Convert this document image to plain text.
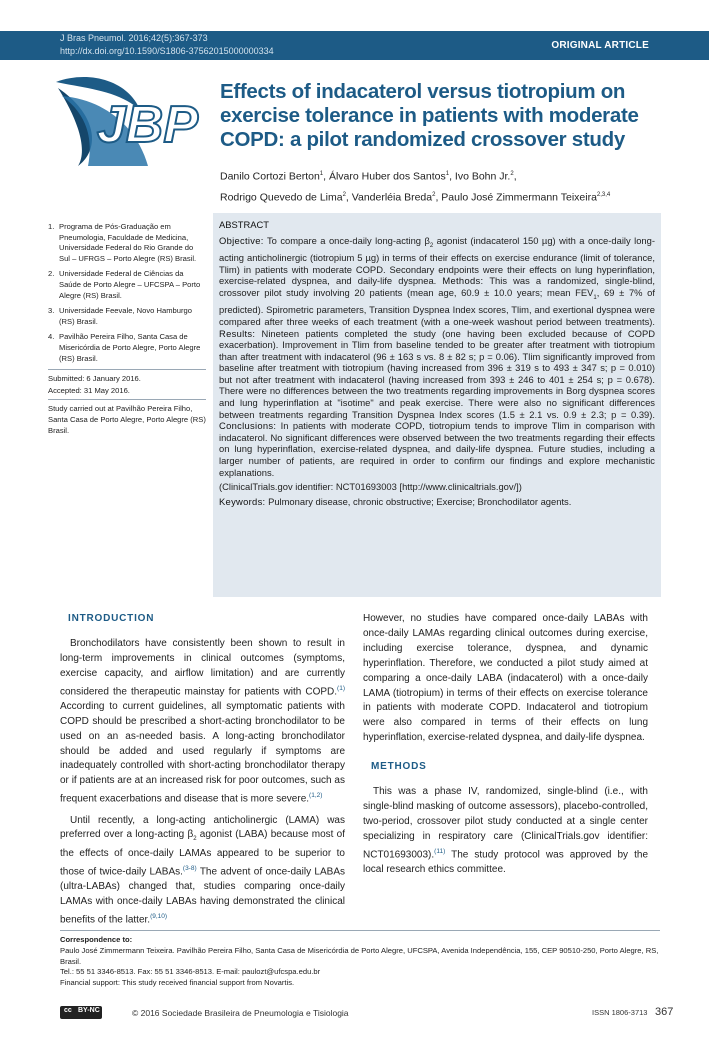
J Bras Pneumol. 2016;42(5):367-373
http://dx.doi.org/10.1590/S1806-37562015000000334	ORIGINAL ARTICLE
JBP
Effects of indacaterol versus tiotropium on exercise tolerance in patients with moderate COPD: a pilot randomized crossover study
Danilo Cortozi Berton$^1$, Álvaro Huber dos Santos$^1$, Ivo Bohn Jr.$^2$,
Rodrigo Quevedo de Lima$^2$, Vanderléia Breda$^2$, Paulo José Zimmermann Teixeira$^{2,3,4}$
1. Programa de Pós-Graduação em Pneumologia, Faculdade de Medicina, Universidade Federal do Rio Grande do Sul – UFRGS – Porto Alegre (RS) Brasil.
2. Universidade Federal de Ciências da Saúde de Porto Alegre – UFCSPA – Porto Alegre (RS) Brasil.
3. Universidade Feevale, Novo Hamburgo (RS) Brasil.
4. Pavilhão Pereira Filho, Santa Casa de Misericórdia de Porto Alegre, Porto Alegre (RS) Brasil.
Submitted: 6 January 2016.
Accepted: 31 May 2016.
Study carried out at Pavilhão Pereira Filho, Santa Casa de Porto Alegre, Porto Alegre (RS) Brasil.
ABSTRACT

Objective: To compare a once-daily long-acting $\beta_2$ agonist (indacaterol 150 µg) with a once-daily long-acting anticholinergic (tiotropium 5 µg) in terms of their effects on exercise endurance (limit of tolerance, Tlim) in patients with moderate COPD. Secondary endpoints were their effects on lung hyperinflation, exercise-related dyspnea, and daily-life dyspnea. Methods: This was a randomized, single-blind, crossover pilot study involving 20 patients (mean age, 60.9 ± 10.0 years; mean $FEV_1$, 69 ± 7% of predicted). Spirometric parameters, Transition Dyspnea Index scores, Tlim, and exertional dyspnea were compared after three weeks of each treatment (with a one-week washout period between treatments). Results: Nineteen patients completed the study (one having been excluded because of COPD exacerbation). Improvement in Tlim from baseline tended to be greater after treatment with tiotropium than after treatment with indacaterol (96 ± 163 s vs. 8 ± 82 s; p = 0.06). Tlim significantly improved from baseline after treatment with tiotropium (having increased from 396 ± 319 s to 493 ± 347 s; p = 0.010) but not after treatment with indacaterol (having increased from 393 ± 246 to 401 ± 254 s; p = 0.678). There were no differences between the two treatments regarding improvements in Borg dyspnea scores and lung hyperinflation at "isotime" and peak exercise. There were also no significant differences between treatments regarding Transition Dyspnea Index scores (1.5 ± 2.1 vs. 0.9 ± 2.3; p = 0.39). Conclusions: In patients with moderate COPD, tiotropium tends to improve Tlim in comparison with indacaterol. No significant differences were observed between the two treatments regarding their effects on lung hyperinflation, exercise-related dyspnea, and daily-life dyspnea. Future studies, including a larger number of patients, are required in order to confirm our findings and explore mechanistic explanations.

(ClinicalTrials.gov identifier: NCT01693003 [http://www.clinicaltrials.gov/])

Keywords: Pulmonary disease, chronic obstructive; Exercise; Bronchodilator agents.

INTRODUCTION

Bronchodilators have consistently been shown to result in long-term improvements in clinical outcomes (symptoms, exercise capacity, and airflow limitation) and are currently considered the therapeutic mainstay for patients with COPD.$^{(1)}$ According to current guidelines, all symptomatic patients with COPD should be prescribed a short-acting bronchodilator to be used on an as-needed basis. A long-acting bronchodilator should be added and used regularly if symptoms are inadequately controlled with short-acting bronchodilator therapy or if patients are at an increased risk for poor outcomes, such as frequent exacerbations and disease that is more severe.$^{(1,2)}$

Until recently, a long-acting anticholinergic (LAMA) was preferred over a long-acting $\beta_2$ agonist (LABA) because most of the effects of once-daily LAMAs appeared to be superior to those of twice-daily LABAs.$^{(3-8)}$ The advent of once-daily LABAs (ultra-LABAs) changed that, studies comparing once-daily LAMAs with once-daily LABAs having demonstrated the clinical benefits of the latter.$^{(9,10)}$

However, no studies have compared once-daily LABAs with once-daily LAMAs regarding clinical outcomes during exercise, including exercise tolerance, dyspnea, and dynamic hyperinflation. Therefore, we conducted a pilot study aimed at comparing a once-daily LABA (indacaterol) with a once-daily LAMA (tiotropium) in terms of their effects on exercise tolerance in patients with moderate COPD. Indacaterol and tiotropium were also compared in terms of their effects on lung hyperinflation, exercise-related dyspnea, and daily-life dyspnea.

METHODS

This was a phase IV, randomized, single-blind (i.e., with single-blind masking of outcome assessors), placebo-controlled, two-period, crossover pilot study conducted at a single center specializing in respiratory care (ClinicalTrials.gov identifier: NCT01693003).$^{(11)}$ The study protocol was approved by the local research ethics committee.

Correspondence to:
Paulo José Zimmermann Teixeira. Pavilhão Pereira Filho, Santa Casa de Misericórdia de Porto Alegre, UFCSPA, Avenida Independência, 155, CEP 90510-250, Porto Alegre, RS, Brasil.
Tel.: 55 51 3346-8513. Fax: 55 51 3346-8513. E-mail: paulozt@ufcspa.edu.br
Financial support: This study received financial support from Novartis.
cc BY-NC	© 2016 Sociedade Brasileira de Pneumologia e Tisiologia	ISSN 1806-3713 367
